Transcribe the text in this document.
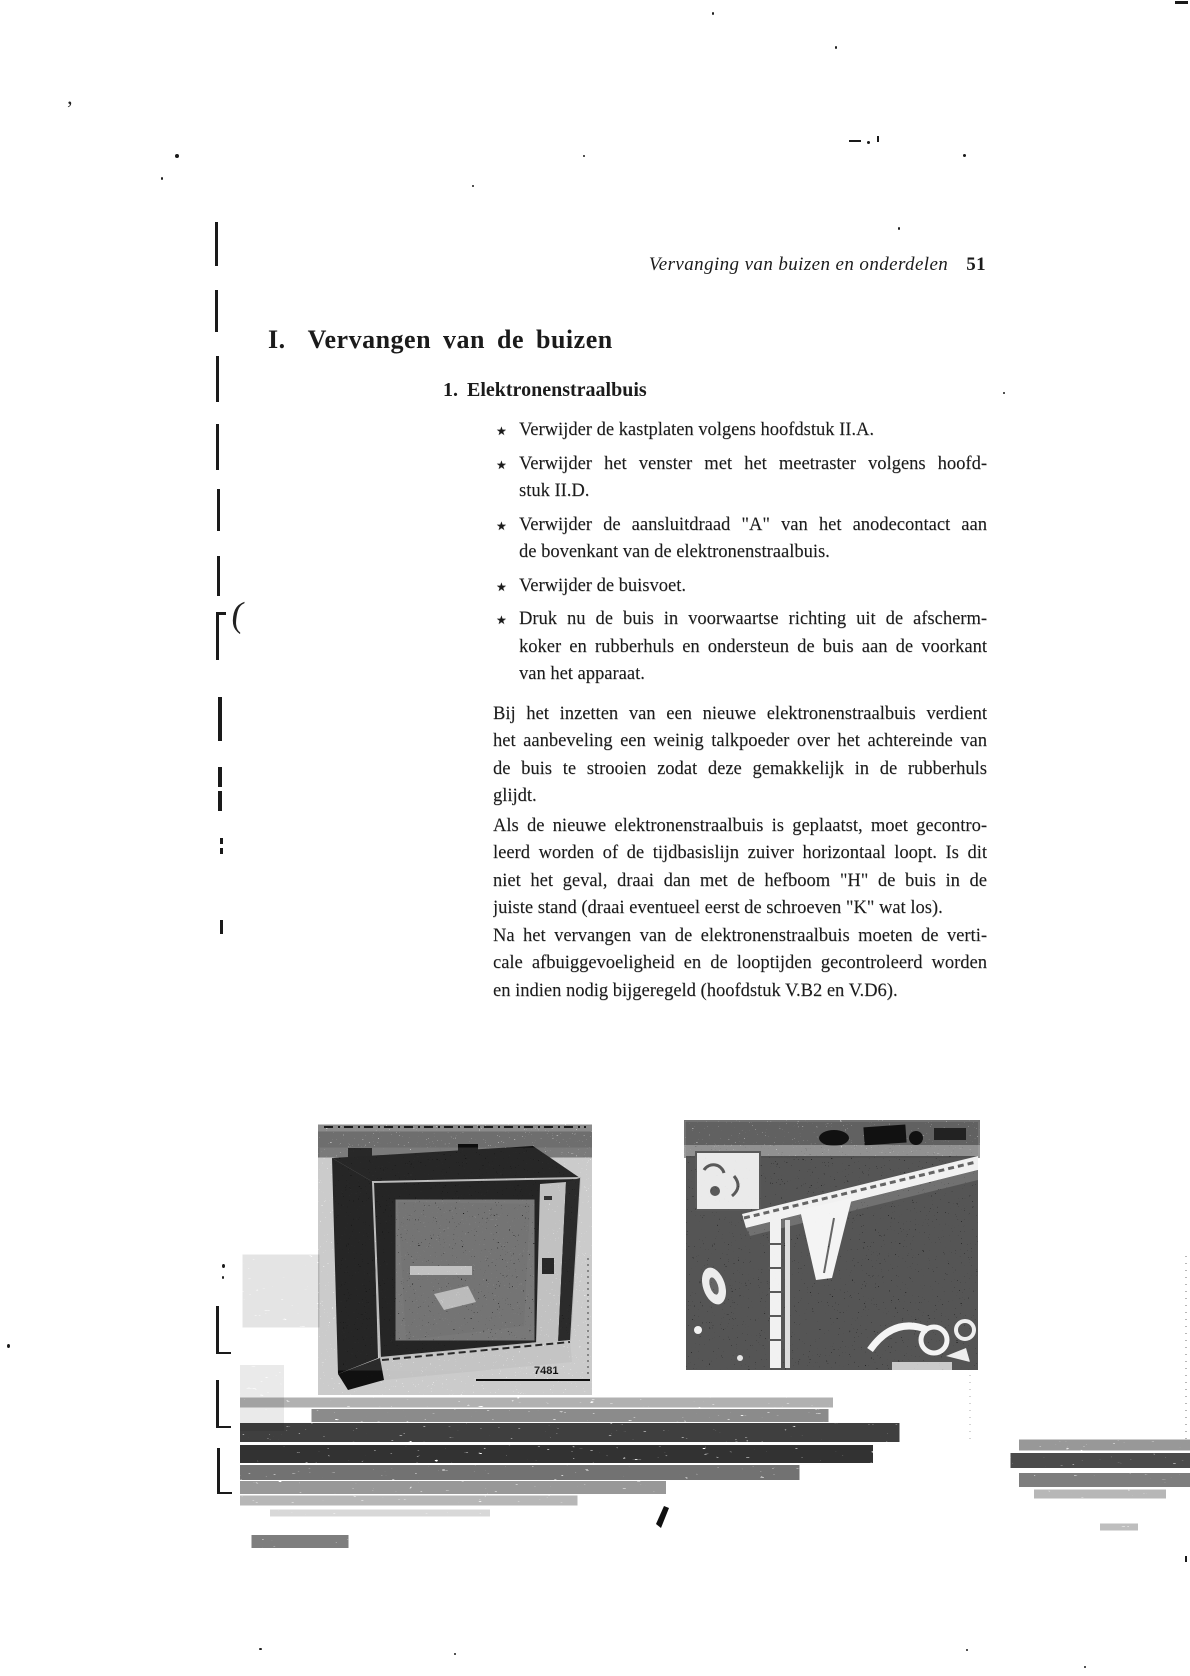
Vervanging van buizen en onderdelen 51
I. Vervangen van de buizen
1. Elektronenstraalbuis
★ Verwijder de kastplaten volgens hoofdstuk II.A.
★ Verwijder het venster met het meetraster volgens hoofd-
stuk II.D.
★ Verwijder de aansluitdraad "A" van het anodecontact aan
de bovenkant van de elektronenstraalbuis.
★ Verwijder de buisvoet.
★ Druk nu de buis in voorwaartse richting uit de afscherm-
koker en rubberhuls en ondersteun de buis aan de voorkant
van het apparaat.
Bij het inzetten van een nieuwe elektronenstraalbuis verdient
het aanbeveling een weinig talkpoeder over het achtereinde van
de buis te strooien zodat deze gemakkelijk in de rubberhuls
glijdt.
Als de nieuwe elektronenstraalbuis is geplaatst, moet gecontro-
leerd worden of de tijdbasislijn zuiver horizontaal loopt. Is dit
niet het geval, draai dan met de hefboom "H" de buis in de
juiste stand (draai eventueel eerst de schroeven "K" wat los).
Na het vervangen van de elektronenstraalbuis moeten de verti-
cale afbuiggevoeligheid en de looptijden gecontroleerd worden
en indien nodig bijgeregeld (hoofdstuk V.B2 en V.D6).
7481
(
’
